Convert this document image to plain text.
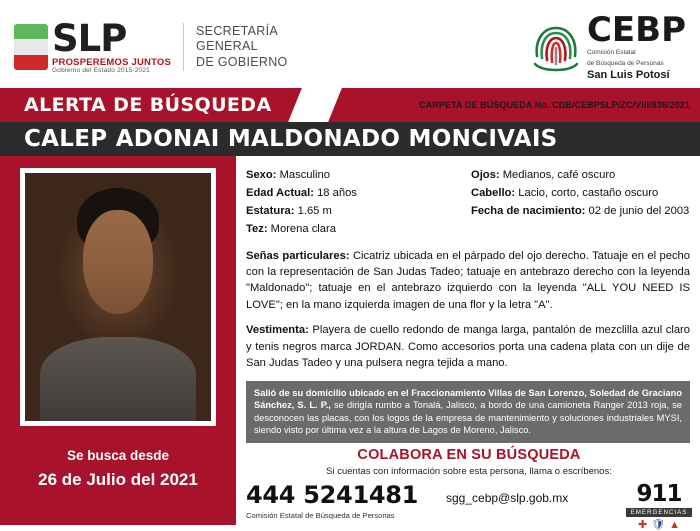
SLP
PROSPEREMOS JUNTOS
Gobierno del Estado 2015-2021
SECRETARÍA
GENERAL
DE GOBIERNO
CEBP
Comisión Estatal
de Búsqueda de Personas
San Luis Potosí
ALERTA DE BÚSQUEDA	CARPETA DE BÚSQUEDA No. CDB/CEBPSLP/ZC/VIII/836/2021
CALEP ADONAI MALDONADO MONCIVAIS
Se busca desde
26 de Julio del 2021
Sexo: Masculino
Edad Actual: 18 años
Estatura: 1.65 m
Tez: Morena clara
Ojos: Medianos, café oscuro
Cabello: Lacio, corto, castaño oscuro
Fecha de nacimiento: 02 de junio del 2003
Señas particulares: Cicatriz ubicada en el párpado del ojo derecho. Tatuaje en el pecho con la representación de San Judas Tadeo; tatuaje en antebrazo derecho con la leyenda "Maldonado"; tatuaje en el antebrazo izquierdo con la leyenda "ALL YOU NEED IS LOVE"; en la mano izquierda imagen de una flor y la letra "A".
Vestimenta: Playera de cuello redondo de manga larga, pantalón de mezclilla azul claro y tenis negros marca JORDAN. Como accesorios porta una cadena plata con un dije de San Judas Tadeo y una pulsera negra tejida a mano.
Salió de su domicilio ubicado en el Fraccionamiento Villas de San Lorenzo, Soledad de Graciano Sánchez, S. L. P., se dirigía rumbo a Tonalá, Jalisco, a bordo de una camioneta Ranger 2013 roja, se desconocen las placas, con los logos de la empresa de mantenimiento y soluciones industriales MYSI, siendo visto por última vez a la altura de Lagos de Moreno, Jalisco.
COLABORA EN SU BÚSQUEDA
Si cuentas con información sobre esta persona, llama o escríbenos:
444 5241481
Comisión Estatal de Búsqueda de Personas
sgg_cebp@slp.gob.mx	911
EMERGENCIAS
✚ 🛡 ▲
